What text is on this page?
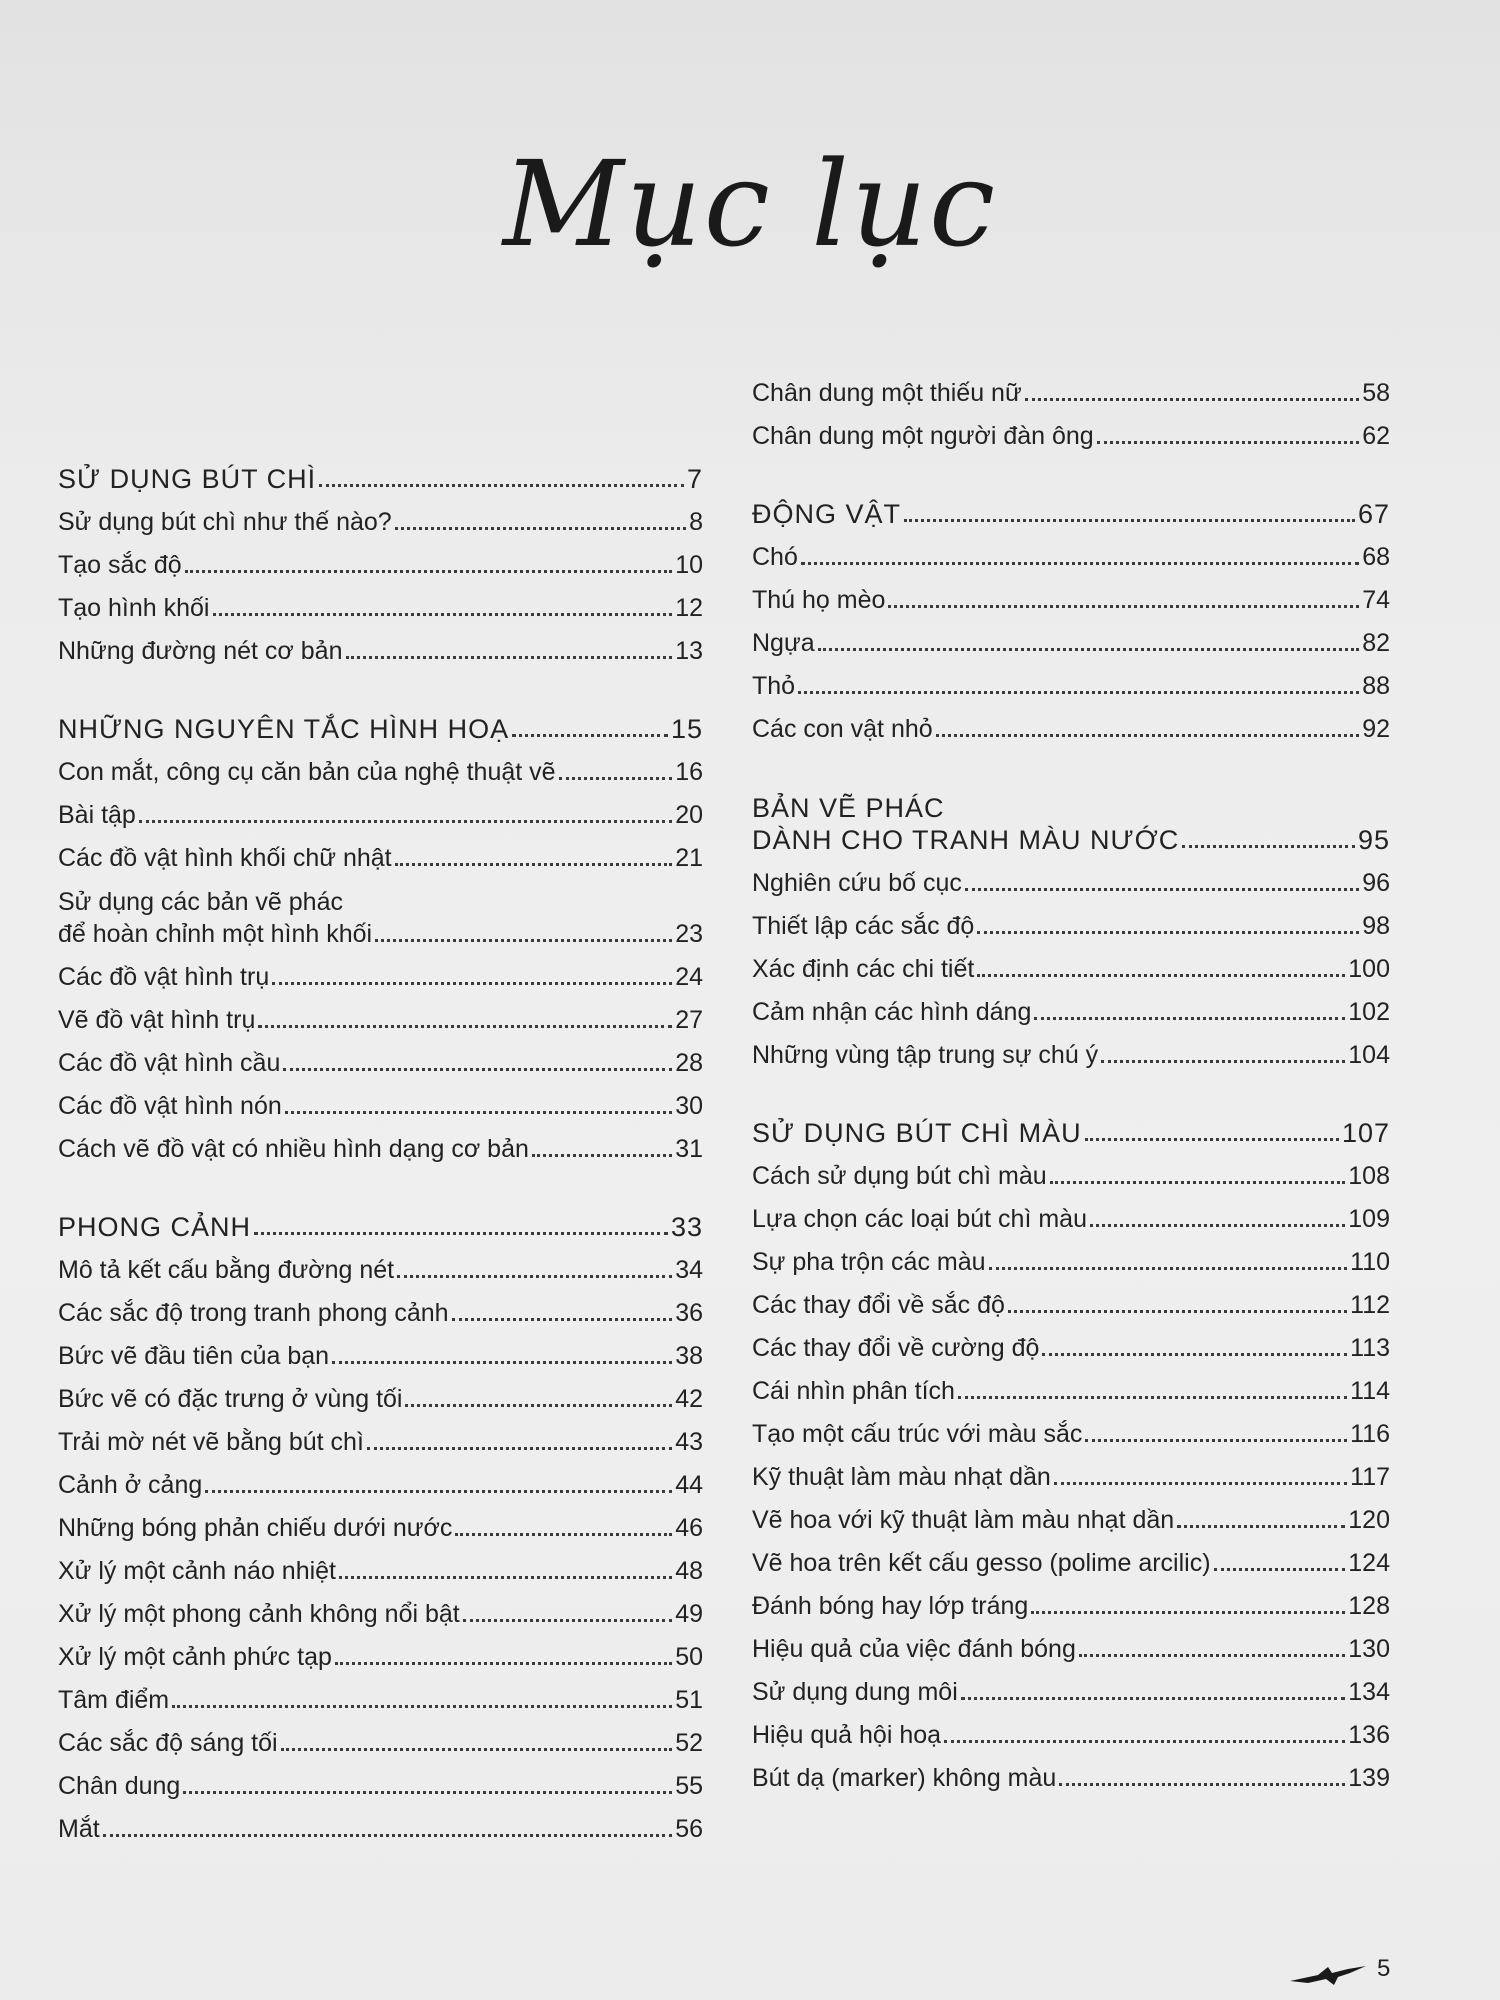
Mục lục
SỬ DỤNG BÚT CHÌ	7
Sử dụng bút chì như thế nào?	8
Tạo sắc độ	10
Tạo hình khối	12
Những đường nét cơ bản	13
NHỮNG NGUYÊN TẮC HÌNH HOẠ	15
Con mắt, công cụ căn bản của nghệ thuật vẽ	16
Bài tập	20
Các đồ vật hình khối chữ nhật	21
Sử dụng các bản vẽ phác
để hoàn chỉnh một hình khối	23
Các đồ vật hình trụ	24
Vẽ đồ vật hình trụ	27
Các đồ vật hình cầu	28
Các đồ vật hình nón	30
Cách vẽ đồ vật có nhiều hình dạng cơ bản	31
PHONG CẢNH	33
Mô tả kết cấu bằng đường nét	34
Các sắc độ trong tranh phong cảnh	36
Bức vẽ đầu tiên của bạn	38
Bức vẽ có đặc trưng ở vùng tối	42
Trải mờ nét vẽ bằng bút chì	43
Cảnh ở cảng	44
Những bóng phản chiếu dưới nước	46
Xử lý một cảnh náo nhiệt	48
Xử lý một phong cảnh không nổi bật	49
Xử lý một cảnh phức tạp	50
Tâm điểm	51
Các sắc độ sáng tối	52
Chân dung	55
Mắt	56
Chân dung một thiếu nữ	58
Chân dung một người đàn ông	62
ĐỘNG VẬT	67
Chó	68
Thú họ mèo	74
Ngựa	82
Thỏ	88
Các con vật nhỏ	92
BẢN VẼ PHÁC
DÀNH CHO TRANH MÀU NƯỚC	95
Nghiên cứu bố cục	96
Thiết lập các sắc độ	98
Xác định các chi tiết	100
Cảm nhận các hình dáng	102
Những vùng tập trung sự chú ý	104
SỬ DỤNG BÚT CHÌ MÀU	107
Cách sử dụng bút chì màu	108
Lựa chọn các loại bút chì màu	109
Sự pha trộn các màu	110
Các thay đổi về sắc độ	112
Các thay đổi về cường độ	113
Cái nhìn phân tích	114
Tạo một cấu trúc với màu sắc	116
Kỹ thuật làm màu nhạt dần	117
Vẽ hoa với kỹ thuật làm màu nhạt dần	120
Vẽ hoa trên kết cấu gesso (polime arcilic)	124
Đánh bóng hay lớp tráng	128
Hiệu quả của việc đánh bóng	130
Sử dụng dung môi	134
Hiệu quả hội hoạ	136
Bút dạ (marker) không màu	139
5
